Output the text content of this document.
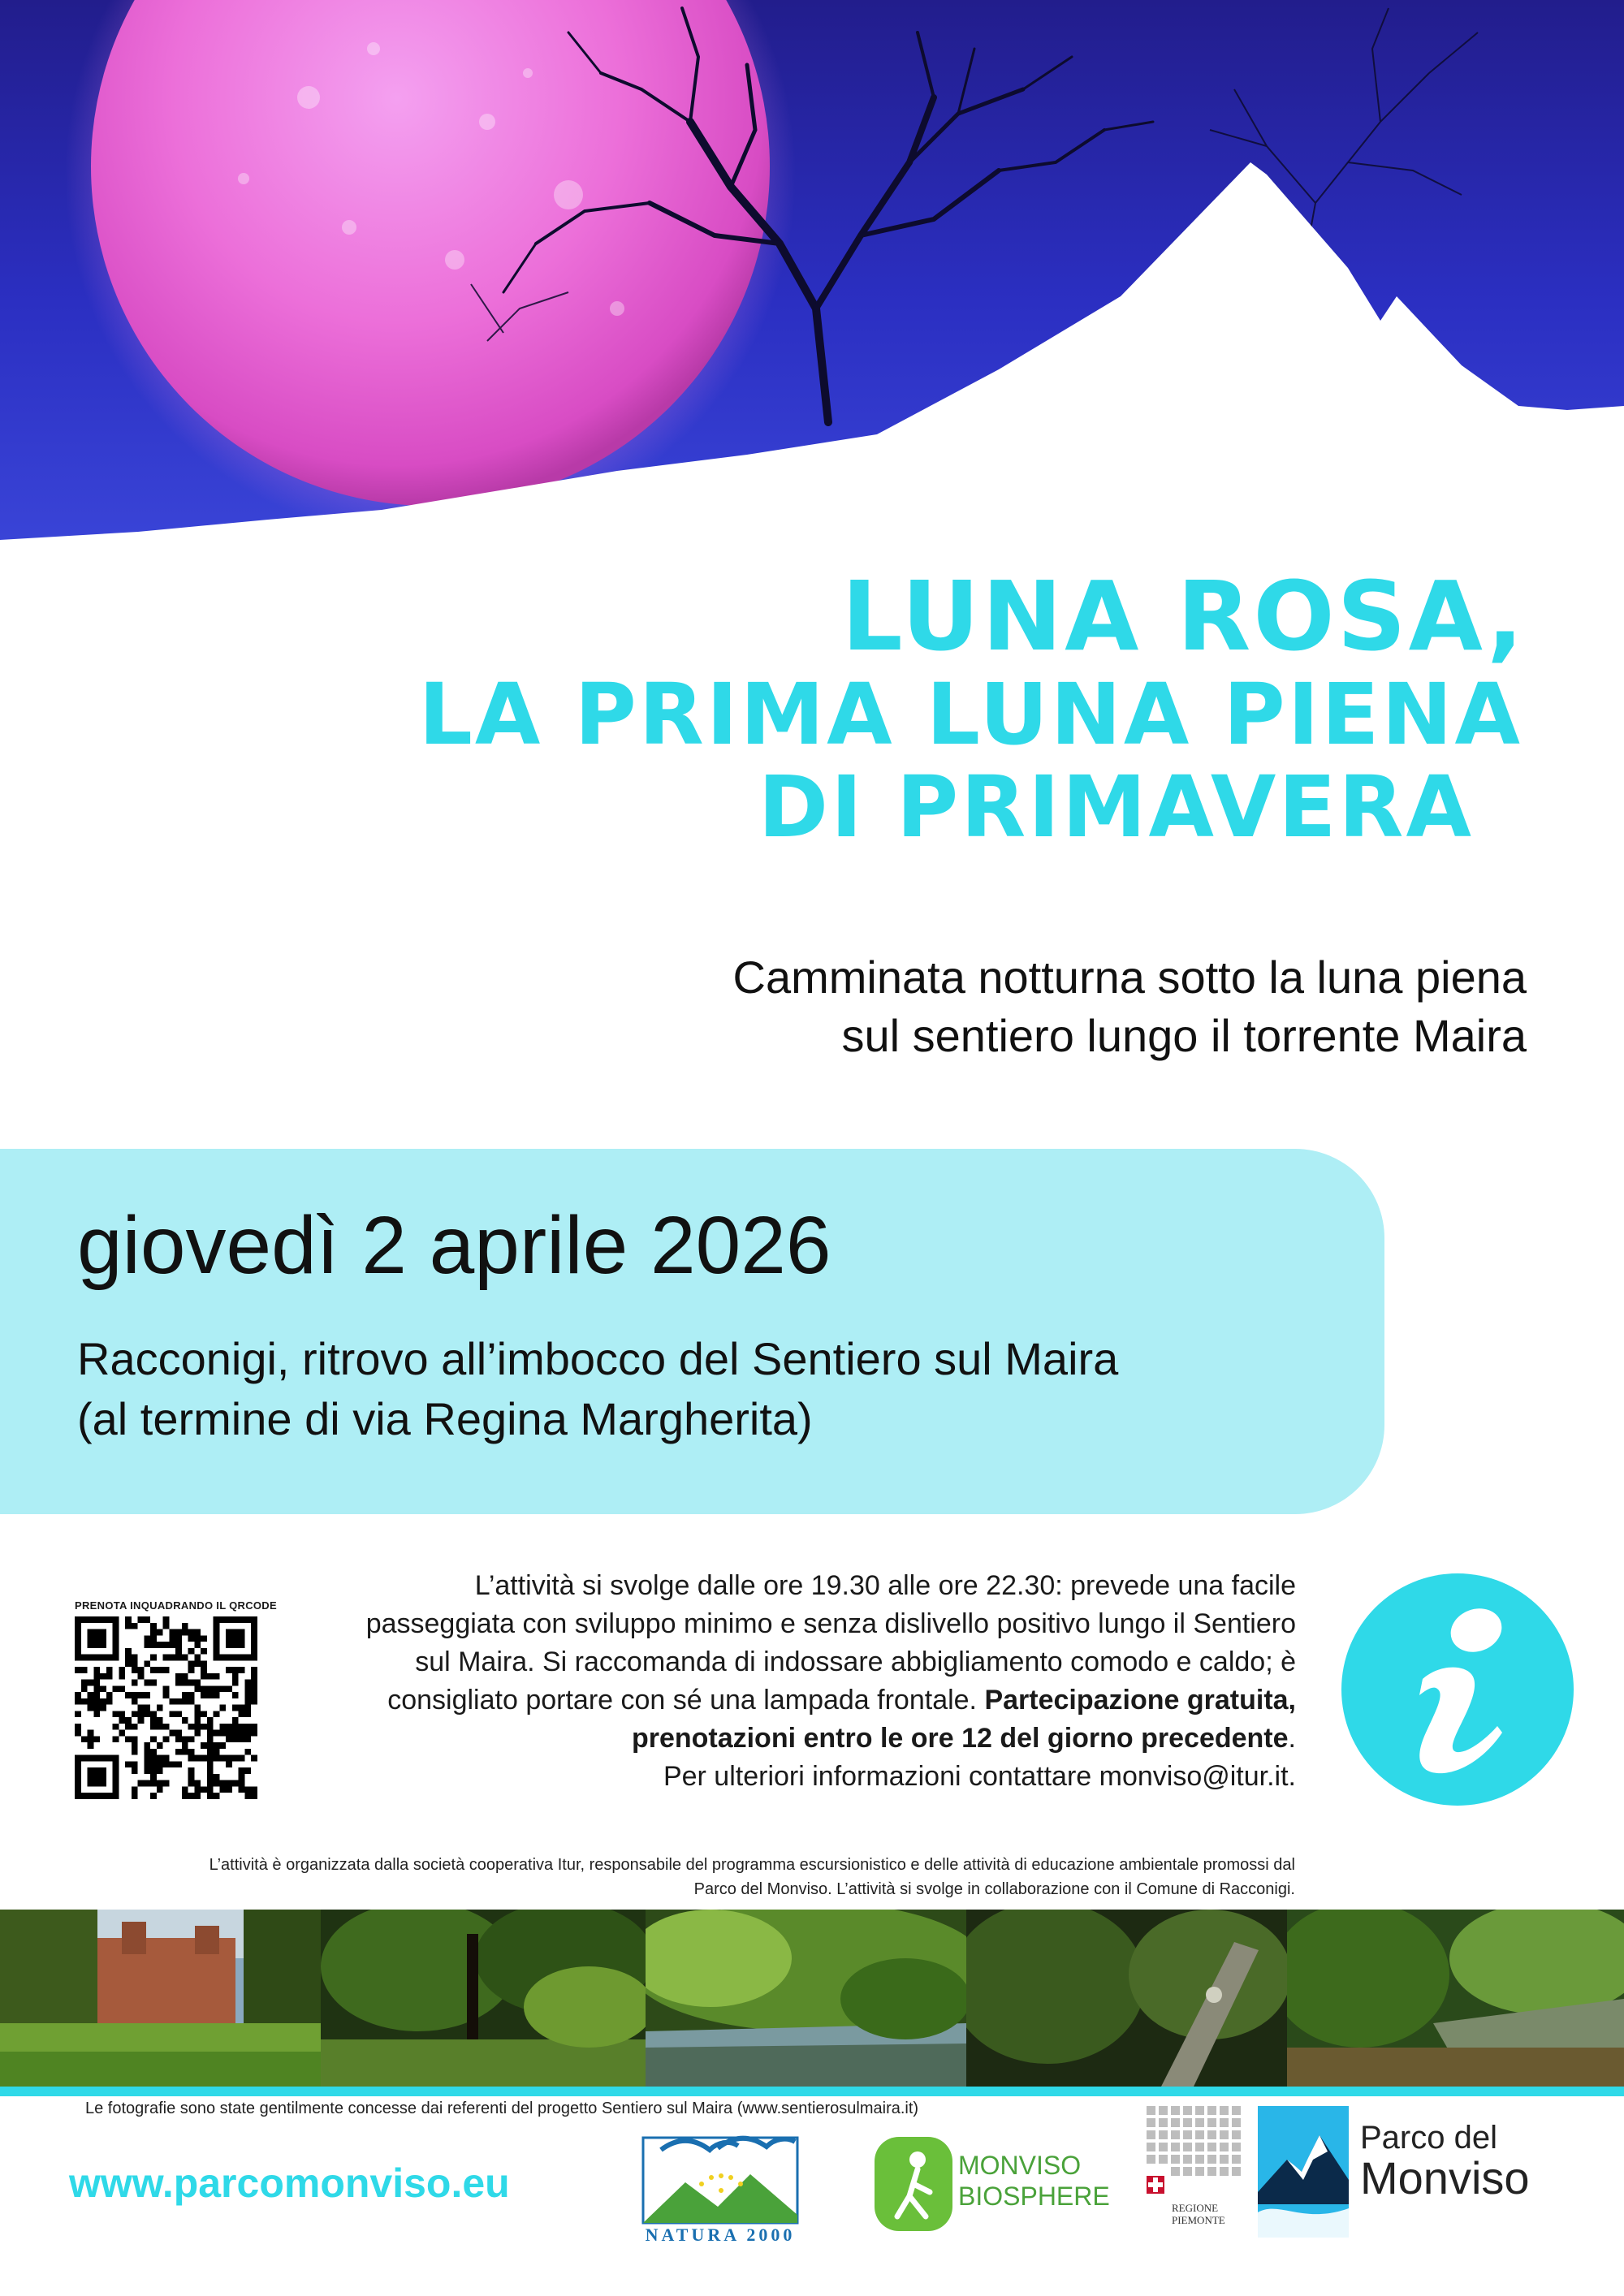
LUNA ROSA,
LA PRIMA LUNA PIENA
DI PRIMAVERA
Camminata notturna sotto la luna piena
sul sentiero lungo il torrente Maira
giovedì 2 aprile 2026
Racconigi, ritrovo all’imbocco del Sentiero sul Maira
(al termine di via Regina Margherita)
PRENOTA INQUADRANDO IL QRCODE
L’attività si svolge dalle ore 19.30 alle ore 22.30: prevede una facile
passeggiata con sviluppo minimo e senza dislivello positivo lungo il Sentiero
sul Maira. Si raccomanda di indossare abbigliamento comodo e caldo; è
consigliato portare con sé una lampada frontale. Partecipazione gratuita,
prenotazioni entro le ore 12 del giorno precedente.
Per ulteriori informazioni contattare monviso@itur.it.
L’attività è organizzata dalla società cooperativa Itur, responsabile del programma escursionistico e delle attività di educazione ambientale promossi dal
Parco del Monviso. L’attività si svolge in collaborazione con il Comune di Racconigi.
Le fotografie sono state gentilmente concesse dai referenti del progetto Sentiero sul Maira (www.sentierosulmaira.it)
www.parcomonviso.eu
NATURA 2000
MONVISO
BIOSPHERE	REGIONE
PIEMONTE
Parco del
Monviso
